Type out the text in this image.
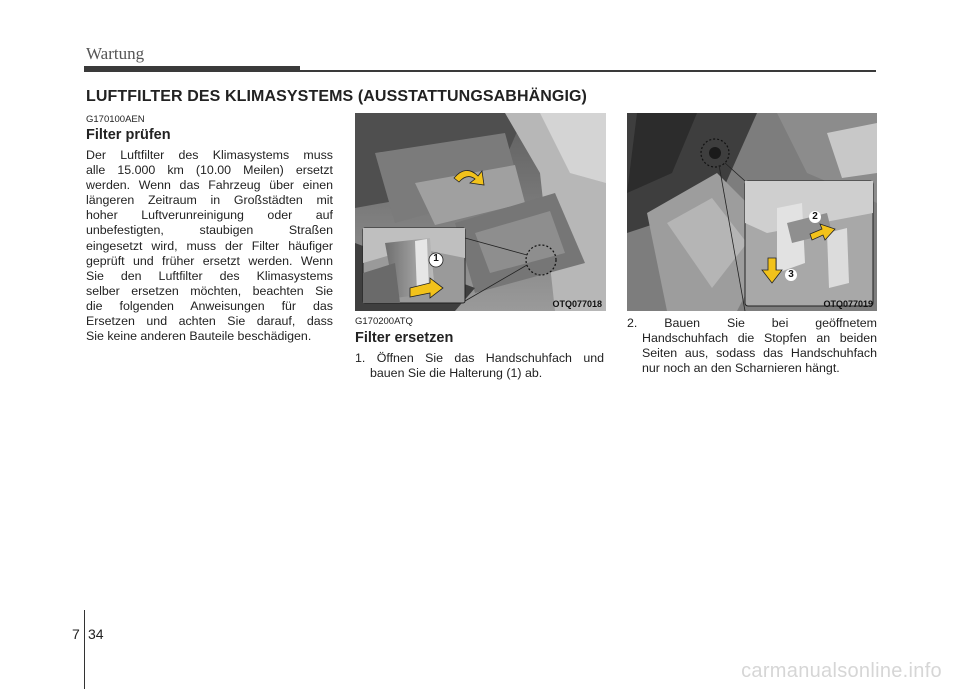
Wartung
LUFTFILTER DES KLIMASYSTEMS (AUSSTATTUNGSABHÄNGIG)
G170100AEN
Filter prüfen
Der Luftfilter des Klimasystems muss
alle 15.000 km (10.00 Meilen) ersetzt
werden. Wenn das Fahrzeug über einen
längeren Zeitraum in Großstädten mit
hoher Luftverunreinigung oder auf
unbefestigten, staubigen Straßen
eingesetzt wird, muss der Filter häufiger
geprüft und früher ersetzt werden. Wenn
Sie den Luftfilter des Klimasystems
selber ersetzen möchten, beachten Sie
die folgenden Anweisungen für das
Ersetzen und achten Sie darauf, dass
Sie keine anderen Bauteile beschädigen.
1
OTQ077018
G170200ATQ
Filter ersetzen
1. Öffnen Sie das Handschuhfach und
bauen Sie die Halterung (1) ab.
2
3
OTQ077019
2. Bauen Sie bei geöffnetem
Handschuhfach die Stopfen an beiden
Seiten aus, sodass das Handschuhfach
nur noch an den Scharnieren hängt.
7 34
carmanualsonline.info
